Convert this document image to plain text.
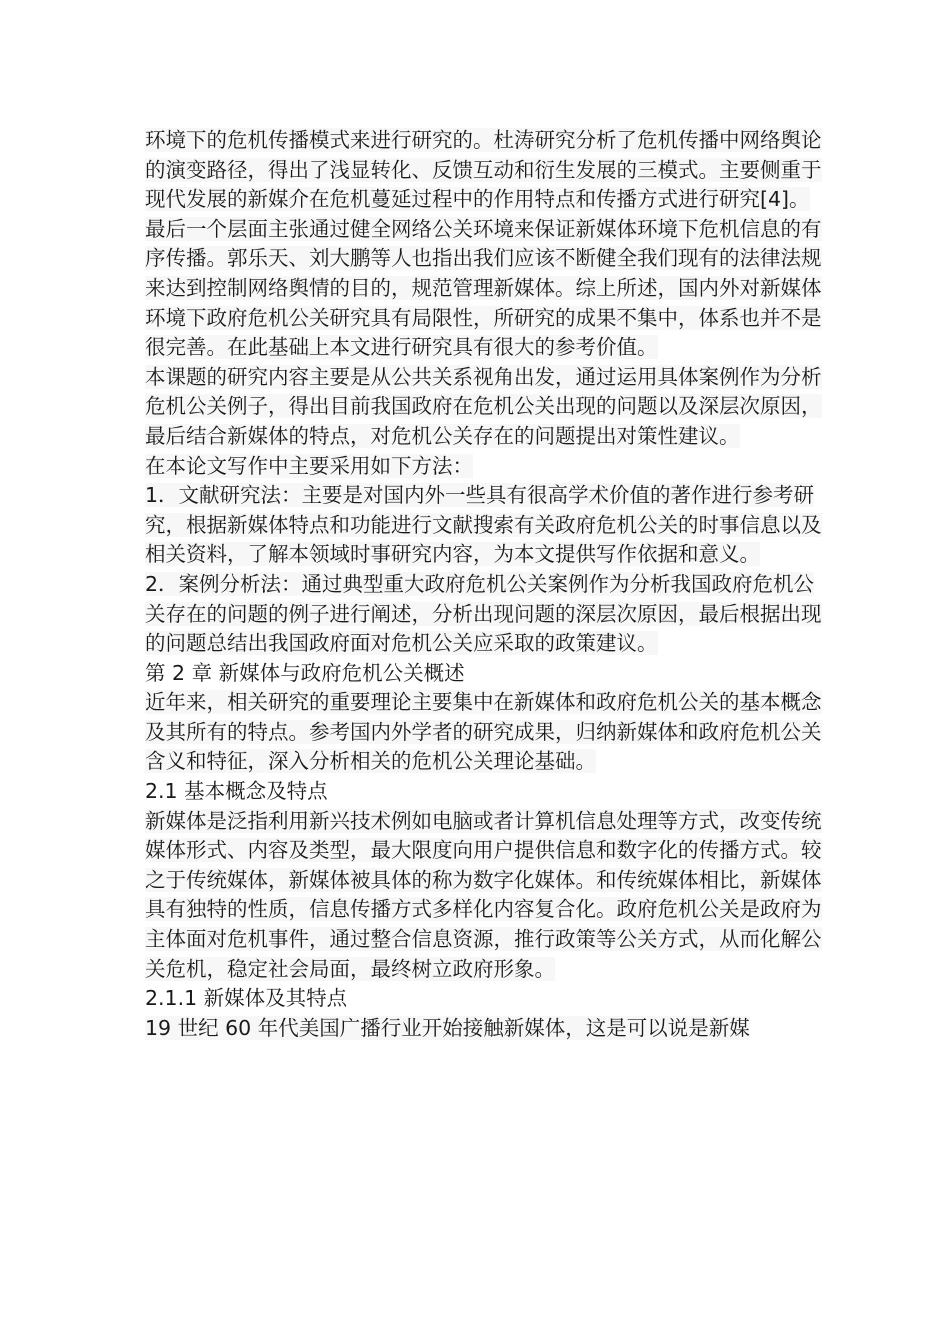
环境下的危机传播模式来进行研究的。杜涛研究分析了危机传播中网络舆论的演变路径，得出了浅显转化、反馈互动和衍生发展的三模式。主要侧重于现代发展的新媒介在危机蔓延过程中的作用特点和传播方式进行研究[4]。最后一个层面主张通过健全网络公关环境来保证新媒体环境下危机信息的有序传播。郭乐天、刘大鹏等人也指出我们应该不断健全我们现有的法律法规来达到控制网络舆情的目的，规范管理新媒体。综上所述，国内外对新媒体环境下政府危机公关研究具有局限性，所研究的成果不集中，体系也并不是很完善。在此基础上本文进行研究具有很大的参考价值。
本课题的研究内容主要是从公共关系视角出发，通过运用具体案例作为分析危机公关例子，得出目前我国政府在危机公关出现的问题以及深层次原因，最后结合新媒体的特点，对危机公关存在的问题提出对策性建议。
在本论文写作中主要采用如下方法：
1．文献研究法：主要是对国内外一些具有很高学术价值的著作进行参考研究，根据新媒体特点和功能进行文献搜索有关政府危机公关的时事信息以及相关资料，了解本领域时事研究内容，为本文提供写作依据和意义。
2．案例分析法：通过典型重大政府危机公关案例作为分析我国政府危机公关存在的问题的例子进行阐述，分析出现问题的深层次原因，最后根据出现的问题总结出我国政府面对危机公关应采取的政策建议。
第 2 章 新媒体与政府危机公关概述
近年来，相关研究的重要理论主要集中在新媒体和政府危机公关的基本概念及其所有的特点。参考国内外学者的研究成果，归纳新媒体和政府危机公关含义和特征，深入分析相关的危机公关理论基础。
2.1 基本概念及特点
新媒体是泛指利用新兴技术例如电脑或者计算机信息处理等方式，改变传统媒体形式、内容及类型，最大限度向用户提供信息和数字化的传播方式。较之于传统媒体，新媒体被具体的称为数字化媒体。和传统媒体相比，新媒体具有独特的性质，信息传播方式多样化内容复合化。政府危机公关是政府为主体面对危机事件，通过整合信息资源，推行政策等公关方式，从而化解公关危机，稳定社会局面，最终树立政府形象。
2.1.1 新媒体及其特点
19 世纪 60 年代美国广播行业开始接触新媒体，这是可以说是新媒
